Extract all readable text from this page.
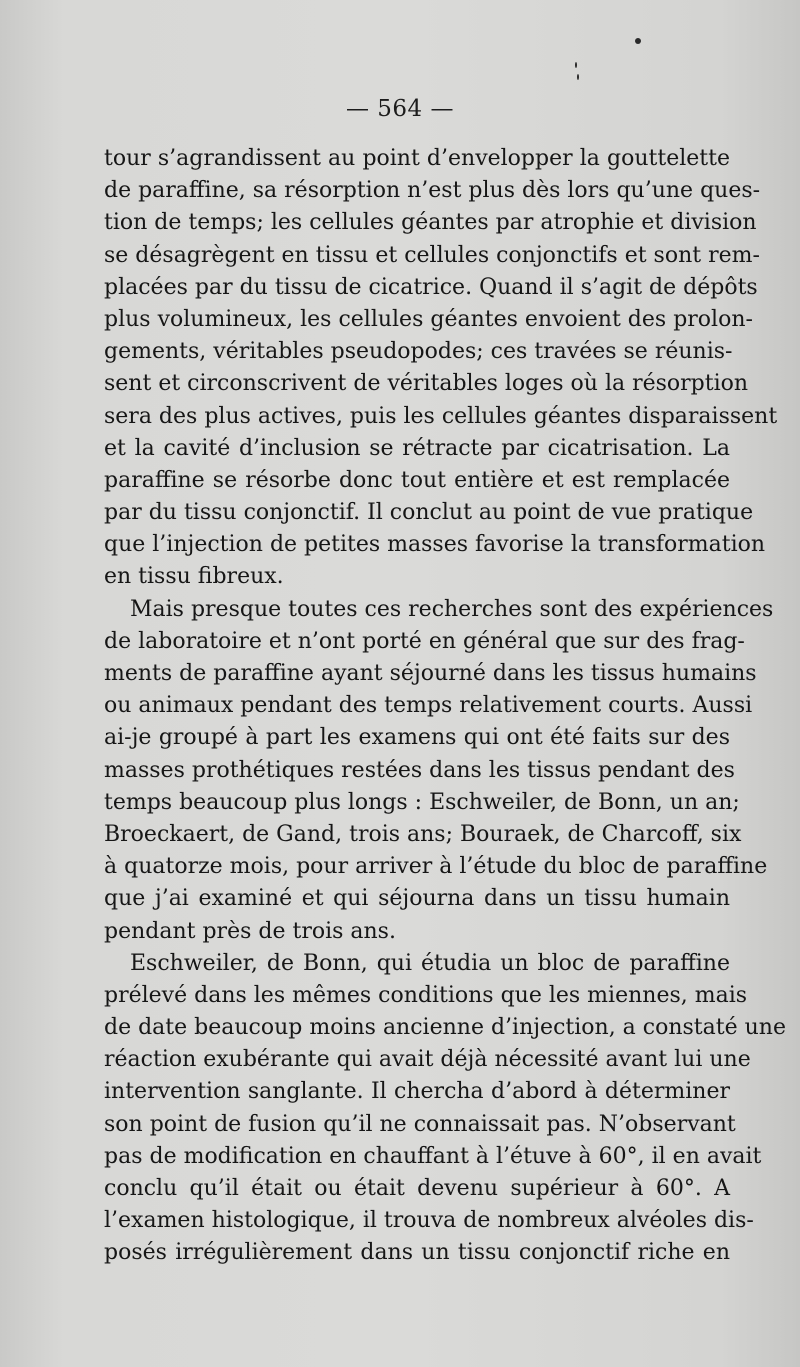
— 564 —
tour s’agrandissent au point d’envelopper la gouttelette
de paraffine, sa résorption n’est plus dès lors qu’une ques-
tion de temps; les cellules géantes par atrophie et division
se désagrègent en tissu et cellules conjonctifs et sont rem-
placées par du tissu de cicatrice. Quand il s’agit de dépôts
plus volumineux, les cellules géantes envoient des prolon-
gements, véritables pseudopodes; ces travées se réunis-
sent et circonscrivent de véritables loges où la résorption
sera des plus actives, puis les cellules géantes disparaissent
et la cavité d’inclusion se rétracte par cicatrisation. La
paraffine se résorbe donc tout entière et est remplacée
par du tissu conjonctif. Il conclut au point de vue pratique
que l’injection de petites masses favorise la transformation
en tissu fibreux.
Mais presque toutes ces recherches sont des expériences
de laboratoire et n’ont porté en général que sur des frag-
ments de paraffine ayant séjourné dans les tissus humains
ou animaux pendant des temps relativement courts. Aussi
ai-je groupé à part les examens qui ont été faits sur des
masses prothétiques restées dans les tissus pendant des
temps beaucoup plus longs : Eschweiler, de Bonn, un an;
Broeckaert, de Gand, trois ans; Bouraek, de Charcoff, six
à quatorze mois, pour arriver à l’étude du bloc de paraffine
que j’ai examiné et qui séjourna dans un tissu humain
pendant près de trois ans.
Eschweiler, de Bonn, qui étudia un bloc de paraffine
prélevé dans les mêmes conditions que les miennes, mais
de date beaucoup moins ancienne d’injection, a constaté une
réaction exubérante qui avait déjà nécessité avant lui une
intervention sanglante. Il chercha d’abord à déterminer
son point de fusion qu’il ne connaissait pas. N’observant
pas de modification en chauffant à l’étuve à 60°, il en avait
conclu qu’il était ou était devenu supérieur à 60°. A
l’examen histologique, il trouva de nombreux alvéoles dis-
posés irrégulièrement dans un tissu conjonctif riche en
